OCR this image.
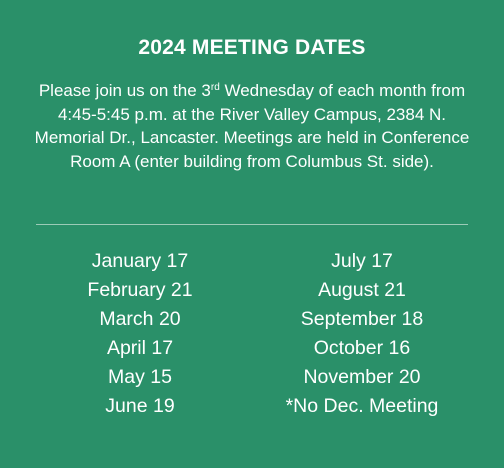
2024 MEETING DATES

Please join us on the 3rd Wednesday of each month from 4:45-5:45 p.m. at the River Valley Campus, 2384 N. Memorial Dr., Lancaster. Meetings are held in Conference Room A (enter building from Columbus St. side).

January 17
February 21
March 20
April 17
May 15
June 19
July 17
August 21
September 18
October 16
November 20
*No Dec. Meeting
